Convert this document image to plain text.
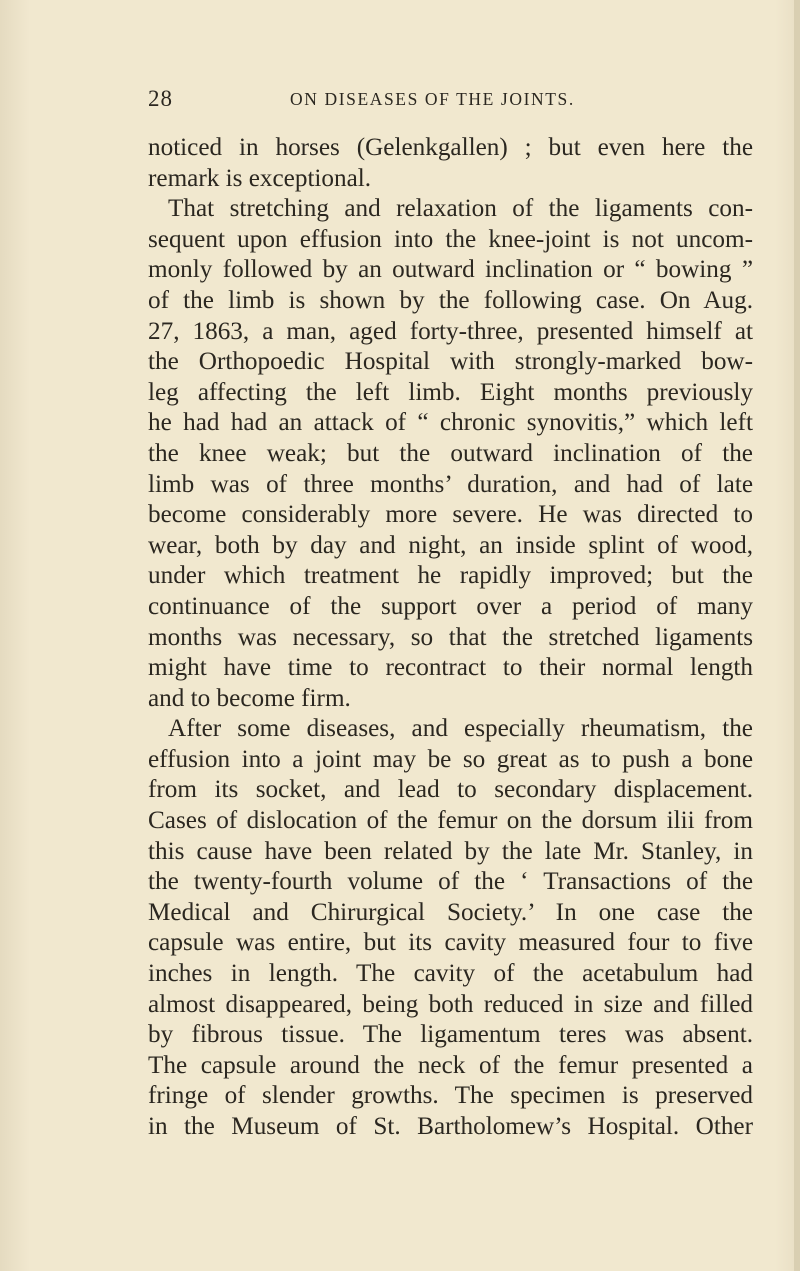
28	ON DISEASES OF THE JOINTS.
noticed in horses (Gelenkgallen) ; but even here the
remark is exceptional.
That stretching and relaxation of the ligaments con-
sequent upon effusion into the knee-joint is not uncom-
monly followed by an outward inclination or “ bowing ”
of the limb is shown by the following case. On Aug.
27, 1863, a man, aged forty-three, presented himself at
the Orthopoedic Hospital with strongly-marked bow-
leg affecting the left limb. Eight months previously
he had had an attack of “ chronic synovitis,” which left
the knee weak; but the outward inclination of the
limb was of three months’ duration, and had of late
become considerably more severe. He was directed to
wear, both by day and night, an inside splint of wood,
under which treatment he rapidly improved; but the
continuance of the support over a period of many
months was necessary, so that the stretched ligaments
might have time to recontract to their normal length
and to become firm.
After some diseases, and especially rheumatism, the
effusion into a joint may be so great as to push a bone
from its socket, and lead to secondary displacement.
Cases of dislocation of the femur on the dorsum ilii from
this cause have been related by the late Mr. Stanley, in
the twenty-fourth volume of the ‘ Transactions of the
Medical and Chirurgical Society.’ In one case the
capsule was entire, but its cavity measured four to five
inches in length. The cavity of the acetabulum had
almost disappeared, being both reduced in size and filled
by fibrous tissue. The ligamentum teres was absent.
The capsule around the neck of the femur presented a
fringe of slender growths. The specimen is preserved
in the Museum of St. Bartholomew’s Hospital. Other
